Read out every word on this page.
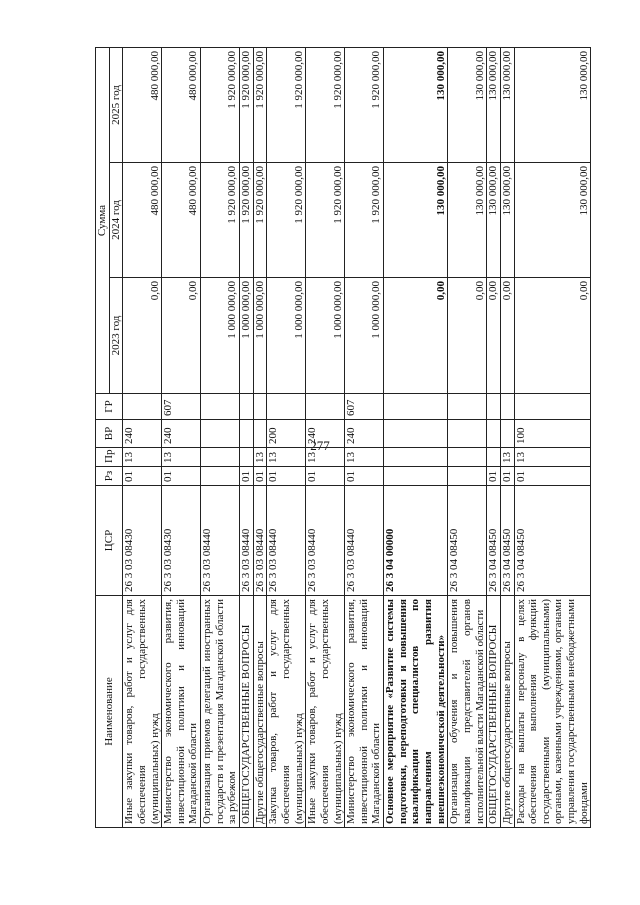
277
Наименование	ЦСР	Рз	Пр	ВР	ГР	Сумма		
						2023 год	2024 год	2025 год
Иные закупки товаров, работ и услуг для обеспечения государственных (муниципальных) нужд	26 3 03 08430	01	13	240		0,00	480 000,00	480 000,00
Министерство экономического развития, инвестиционной политики и инноваций Магаданской области	26 3 03 08430	01	13	240	607	0,00	480 000,00	480 000,00
Организация приемов делегаций иностранных государств и презентация Магаданской области за рубежом	26 3 03 08440					1 000 000,00	1 920 000,00	1 920 000,00
ОБЩЕГОСУДАРСТВЕННЫЕ ВОПРОСЫ	26 3 03 08440	01				1 000 000,00	1 920 000,00	1 920 000,00
Другие общегосударственные вопросы	26 3 03 08440	01	13			1 000 000,00	1 920 000,00	1 920 000,00
Закупка товаров, работ и услуг для обеспечения государственных (муниципальных) нужд	26 3 03 08440	01	13	200		1 000 000,00	1 920 000,00	1 920 000,00
Иные закупки товаров, работ и услуг для обеспечения государственных (муниципальных) нужд	26 3 03 08440	01	13	240		1 000 000,00	1 920 000,00	1 920 000,00
Министерство экономического развития, инвестиционной политики и инноваций Магаданской области	26 3 03 08440	01	13	240	607	1 000 000,00	1 920 000,00	1 920 000,00
Основное мероприятие «Развитие системы подготовки, переподготовки и повышения квалификации специалистов по направлениям развития внешнеэкономической деятельности»	26 3 04 00000					0,00	130 000,00	130 000,00
Организация обучения и повышения квалификации представителей органов исполнительной власти Магаданской области	26 3 04 08450					0,00	130 000,00	130 000,00
ОБЩЕГОСУДАРСТВЕННЫЕ ВОПРОСЫ	26 3 04 08450	01				0,00	130 000,00	130 000,00
Другие общегосударственные вопросы	26 3 04 08450	01	13			0,00	130 000,00	130 000,00
Расходы на выплаты персоналу в целях обеспечения выполнения функций государственными (муниципальными) органами, казенными учреждениями, органами управления государственными внебюджетными фондами	26 3 04 08450	01	13	100		0,00	130 000,00	130 000,00
